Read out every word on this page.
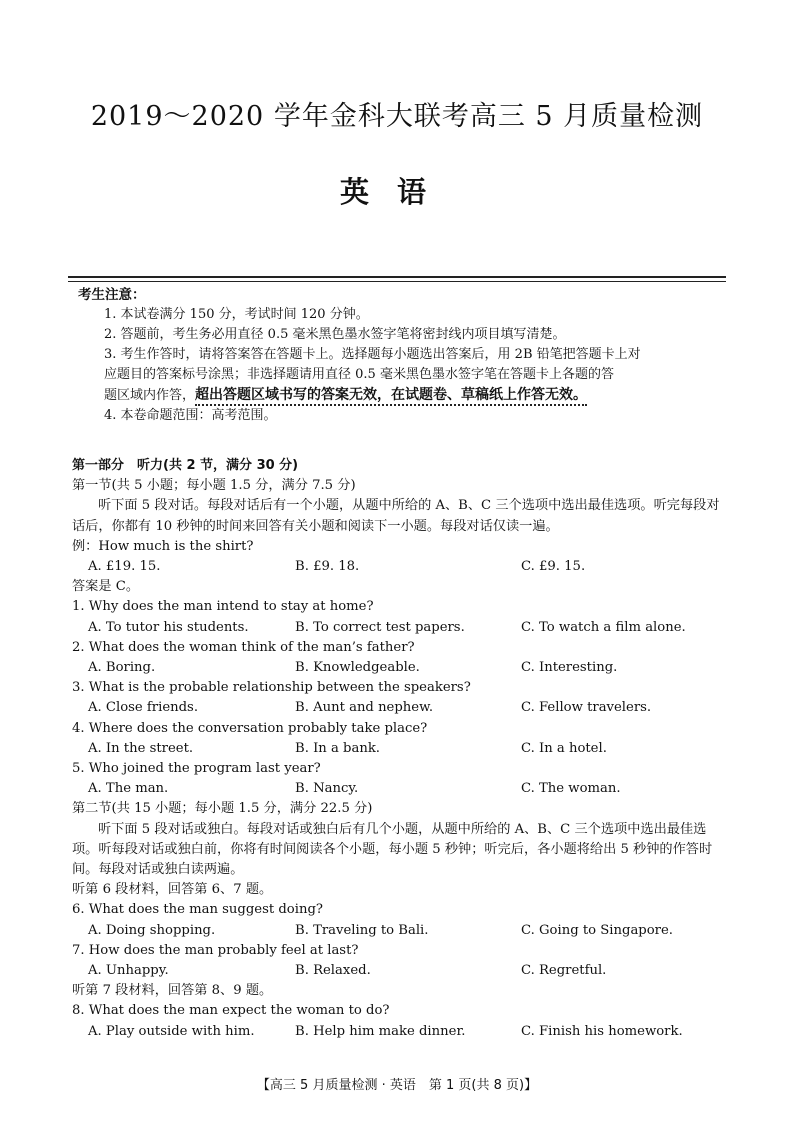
2019～2020 学年金科大联考高三 5 月质量检测
英语
考生注意：
1. 本试卷满分 150 分，考试时间 120 分钟。
2. 答题前，考生务必用直径 0.5 毫米黑色墨水签字笔将密封线内项目填写清楚。
3. 考生作答时，请将答案答在答题卡上。选择题每小题选出答案后，用 2B 铅笔把答题卡上对
应题目的答案标号涂黑；非选择题请用直径 0.5 毫米黑色墨水签字笔在答题卡上各题的答
题区域内作答，超出答题区域书写的答案无效，在试题卷、草稿纸上作答无效。
4. 本卷命题范围：高考范围。
第一部分　听力(共 2 节，满分 30 分)
第一节(共 5 小题；每小题 1.5 分，满分 7.5 分)
听下面 5 段对话。每段对话后有一个小题，从题中所给的 A、B、C 三个选项中选出最佳选项。听完每段对话后，你都有 10 秒钟的时间来回答有关小题和阅读下一小题。每段对话仅读一遍。
例：How much is the shirt?
A. £19. 15.	B. £9. 18.	C. £9. 15.
答案是 C。
1. Why does the man intend to stay at home?
A. To tutor his students.	B. To correct test papers.	C. To watch a film alone.
2. What does the woman think of the man’s father?
A. Boring.	B. Knowledgeable.	C. Interesting.
3. What is the probable relationship between the speakers?
A. Close friends.	B. Aunt and nephew.	C. Fellow travelers.
4. Where does the conversation probably take place?
A. In the street.	B. In a bank.	C. In a hotel.
5. Who joined the program last year?
A. The man.	B. Nancy.	C. The woman.
第二节(共 15 小题；每小题 1.5 分，满分 22.5 分)
听下面 5 段对话或独白。每段对话或独白后有几个小题，从题中所给的 A、B、C 三个选项中选出最佳选项。听每段对话或独白前，你将有时间阅读各个小题，每小题 5 秒钟；听完后，各小题将给出 5 秒钟的作答时间。每段对话或独白读两遍。
听第 6 段材料，回答第 6、7 题。
6. What does the man suggest doing?
A. Doing shopping.	B. Traveling to Bali.	C. Going to Singapore.
7. How does the man probably feel at last?
A. Unhappy.	B. Relaxed.	C. Regretful.
听第 7 段材料，回答第 8、9 题。
8. What does the man expect the woman to do?
A. Play outside with him.	B. Help him make dinner.	C. Finish his homework.
【高三 5 月质量检测 · 英语　第 1 页(共 8 页)】
